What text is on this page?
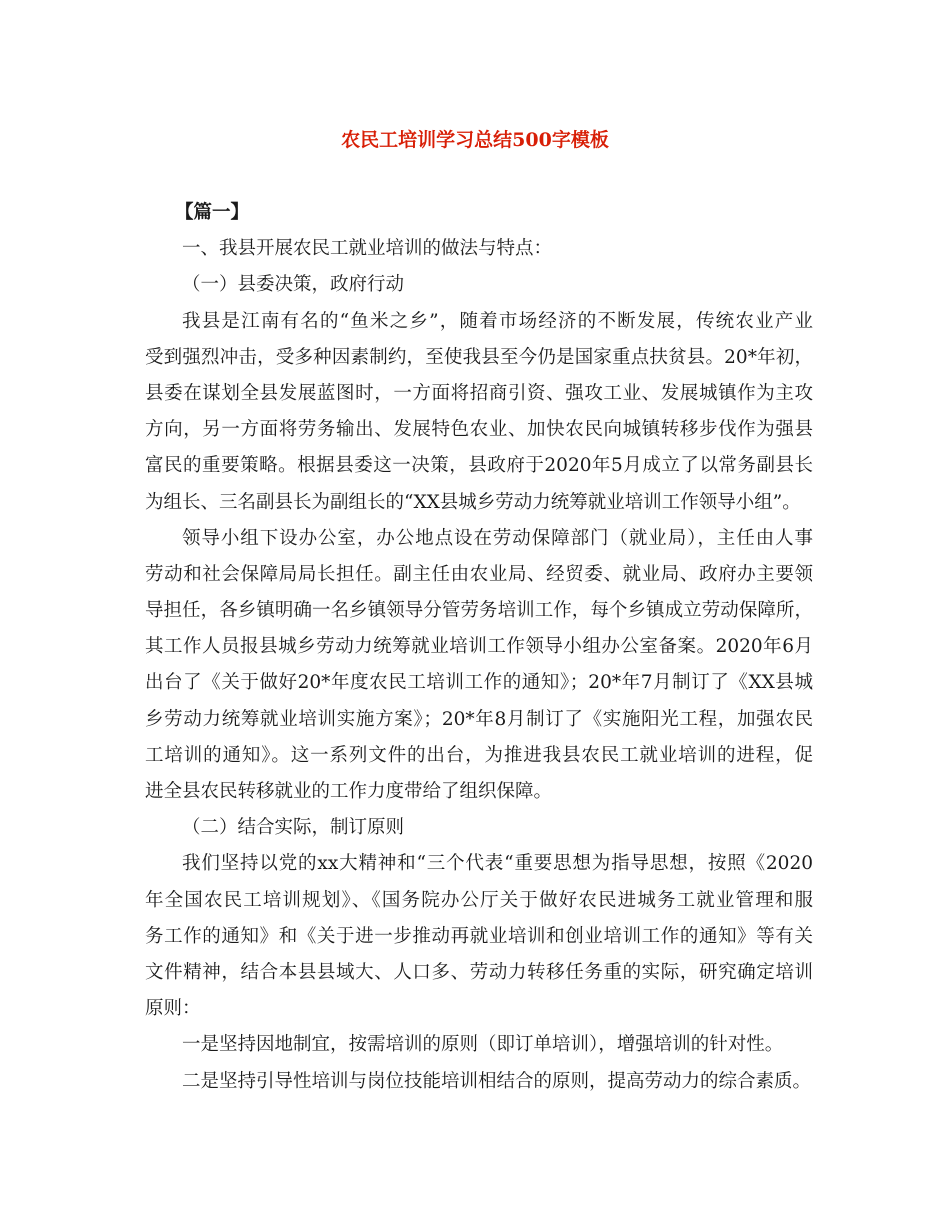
农民工培训学习总结500字模板
【篇一】
一、我县开展农民工就业培训的做法与特点：
（一）县委决策，政府行动
我县是江南有名的“鱼米之乡”，随着市场经济的不断发展，传统农业产业
受到强烈冲击，受多种因素制约，至使我县至今仍是国家重点扶贫县。20*年初，
县委在谋划全县发展蓝图时，一方面将招商引资、强攻工业、发展城镇作为主攻
方向，另一方面将劳务输出、发展特色农业、加快农民向城镇转移步伐作为强县
富民的重要策略。根据县委这一决策，县政府于2020年5月成立了以常务副县长
为组长、三名副县长为副组长的“XX县城乡劳动力统筹就业培训工作领导小组”。
领导小组下设办公室，办公地点设在劳动保障部门（就业局），主任由人事
劳动和社会保障局局长担任。副主任由农业局、经贸委、就业局、政府办主要领
导担任，各乡镇明确一名乡镇领导分管劳务培训工作，每个乡镇成立劳动保障所，
其工作人员报县城乡劳动力统筹就业培训工作领导小组办公室备案。2020年6月
出台了《关于做好20*年度农民工培训工作的通知》；20*年7月制订了《XX县城
乡劳动力统筹就业培训实施方案》；20*年8月制订了《实施阳光工程，加强农民
工培训的通知》。这一系列文件的出台，为推进我县农民工就业培训的进程，促
进全县农民转移就业的工作力度带给了组织保障。
（二）结合实际，制订原则
我们坚持以党的xx大精神和“三个代表“重要思想为指导思想，按照《2020
年全国农民工培训规划》、《国务院办公厅关于做好农民进城务工就业管理和服
务工作的通知》和《关于进一步推动再就业培训和创业培训工作的通知》等有关
文件精神，结合本县县域大、人口多、劳动力转移任务重的实际，研究确定培训
原则：
一是坚持因地制宜，按需培训的原则（即订单培训），增强培训的针对性。
二是坚持引导性培训与岗位技能培训相结合的原则，提高劳动力的综合素质。
